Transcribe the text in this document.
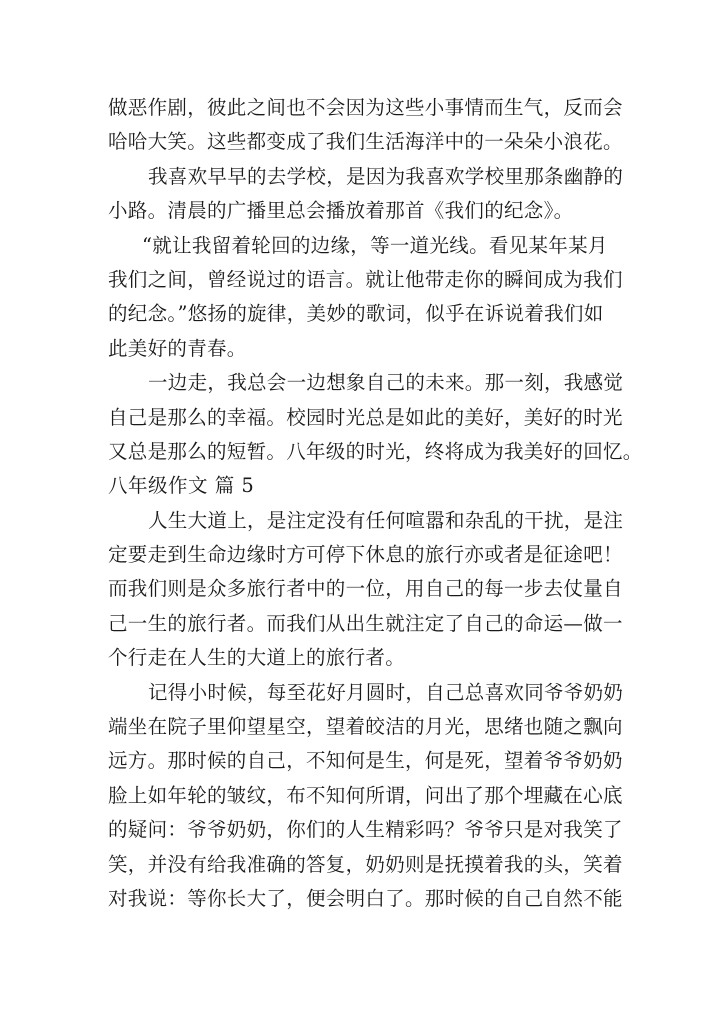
做恶作剧，彼此之间也不会因为这些小事情而生气，反而会
哈哈大笑。这些都变成了我们生活海洋中的一朵朵小浪花。
我喜欢早早的去学校，是因为我喜欢学校里那条幽静的
小路。清晨的广播里总会播放着那首《我们的纪念》。
“就让我留着轮回的边缘，等一道光线。看见某年某月
我们之间，曾经说过的语言。就让他带走你的瞬间成为我们
的纪念。”悠扬的旋律，美妙的歌词，似乎在诉说着我们如
此美好的青春。
一边走，我总会一边想象自己的未来。那一刻，我感觉
自己是那么的幸福。校园时光总是如此的美好，美好的时光
又总是那么的短暂。八年级的时光，终将成为我美好的回忆。
八年级作文 篇 5
人生大道上，是注定没有任何喧嚣和杂乱的干扰，是注
定要走到生命边缘时方可停下休息的旅行亦或者是征途吧！
而我们则是众多旅行者中的一位，用自己的每一步去仗量自
己一生的旅行者。而我们从出生就注定了自己的命运—做一
个行走在人生的大道上的旅行者。
记得小时候，每至花好月圆时，自己总喜欢同爷爷奶奶
端坐在院子里仰望星空，望着皎洁的月光，思绪也随之飘向
远方。那时候的自己，不知何是生，何是死，望着爷爷奶奶
脸上如年轮的皱纹，布不知何所谓，问出了那个埋藏在心底
的疑问：爷爷奶奶，你们的人生精彩吗？爷爷只是对我笑了
笑，并没有给我准确的答复，奶奶则是抚摸着我的头，笑着
对我说：等你长大了，便会明白了。那时候的自己自然不能
